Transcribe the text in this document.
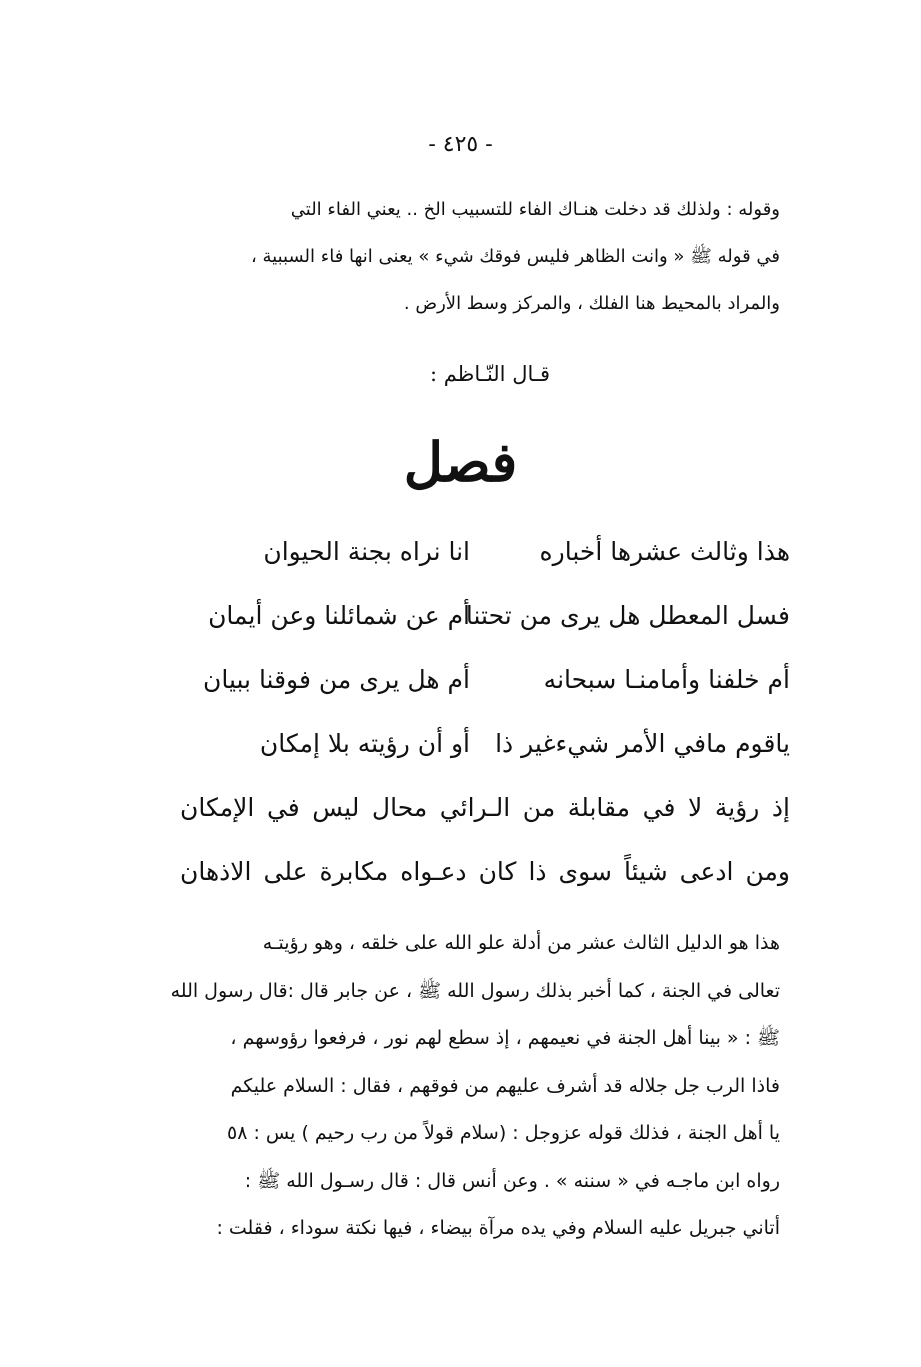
- ٤٢٥ -
وقوله : ولذلك قد دخلت هنـاك الفاء للتسبيب الخ .. يعني الفاء التي
في قوله ﷺ « وانت الظاهر فليس فوقك شيء » يعنى انها فاء السببية ،
والمراد بالمحيط هنا الفلك ، والمركز وسط الأرض .
قـال النّـاظم :
فصل
هذا وثالث عشرها أخباره
انا نراه بجنة الحيوان
فسل المعطل هل يرى من تحتنا
أم عن شمائلنا وعن أيمان
أم خلفنا وأمامنـا سبحانه
أم هل يرى من فوقنا ببيان
ياقوم مافي الأمر شيءغير ذا
أو أن رؤيته بلا إمكان
إذ رؤية لا في مقابلة من الـرائي محال ليس في الإمكان
ومن ادعى شيئاً سوى ذا كان دعـواه مكابرة على الاذهان
هذا هو الدليل الثالث عشر من أدلة علو الله على خلقه ، وهو رؤيتـه
تعالى في الجنة ، كما أخبر بذلك رسول الله ﷺ ، عن جابر قال :قال رسول الله
ﷺ : « بينا أهل الجنة في نعيمهم ، إذ سطع لهم نور ، فرفعوا رؤوسهم ،
فاذا الرب جل جلاله قد أشرف عليهم من فوقهم ، فقال : السلام عليكم
يا أهل الجنة ، فذلك قوله عزوجل : (سلام قولاً من رب رحيم ) يس : ٥٨
رواه ابن ماجـه في « سننه » . وعن أنس قال : قال رسـول الله ﷺ :
أتاني جبريل عليه السلام وفي يده مرآة بيضاء ، فيها نكتة سوداء ، فقلت :
